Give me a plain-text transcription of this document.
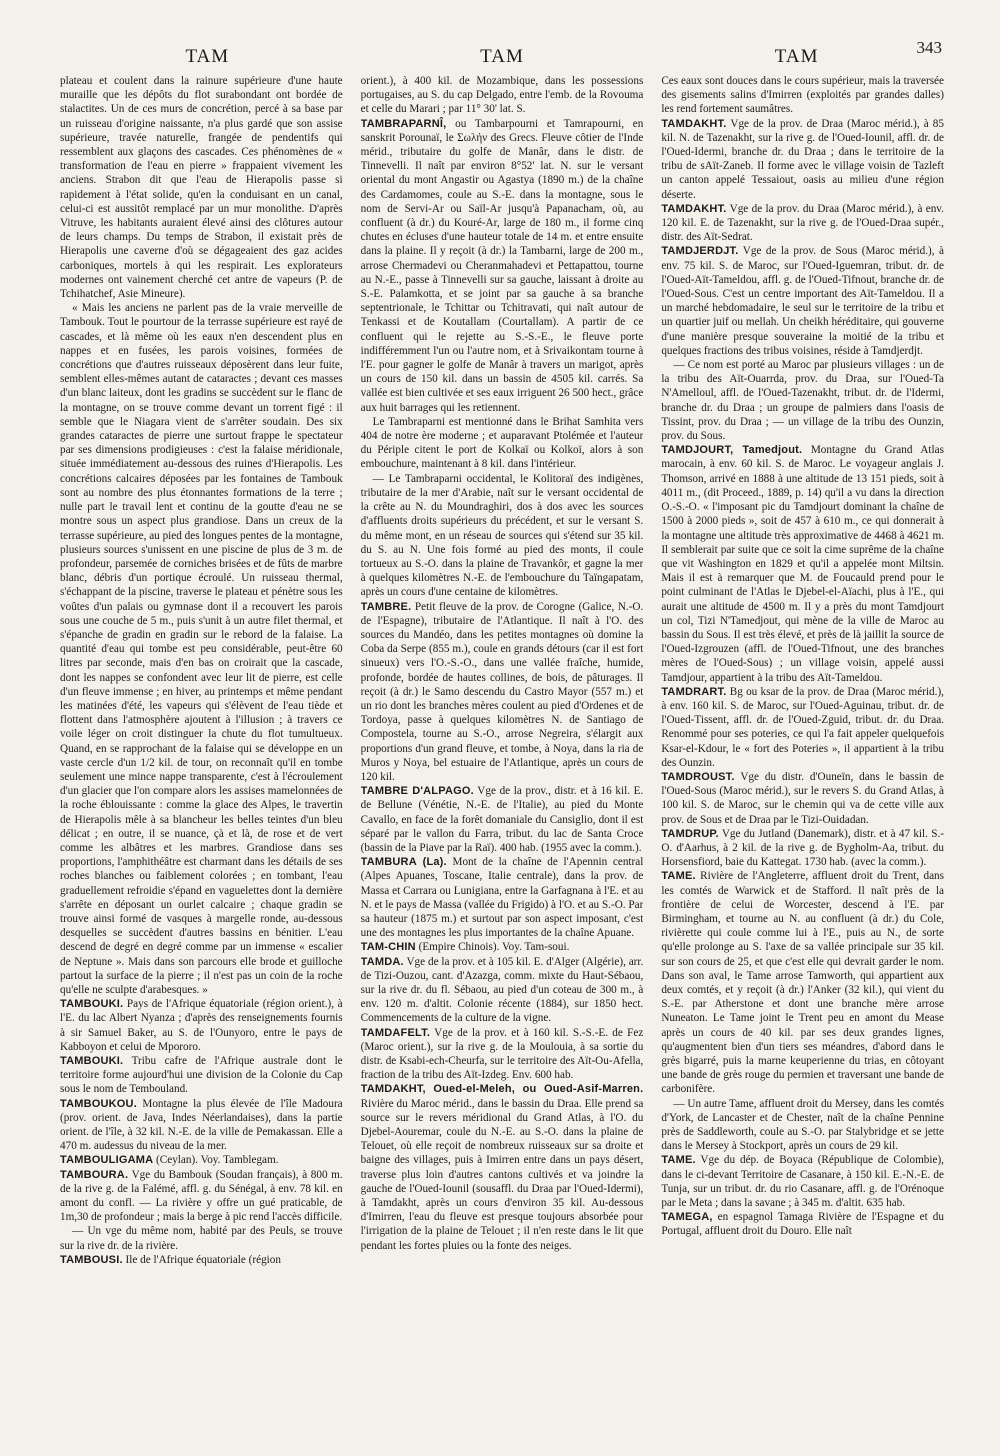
TAM	TAM	TAM	343

plateau et coulent dans la rainure supérieure d'une haute muraille que les dépôts du flot surabondant ont bordée de stalactites. Un de ces murs de concrétion, percé à sa base par un ruisseau d'origine naissante, n'a plus gardé que son assise supérieure, travée naturelle, frangée de pendentifs qui ressemblent aux glaçons des cascades. Ces phénomènes de « transformation de l'eau en pierre » frappaient vivement les anciens. Strabon dit que l'eau de Hierapolis passe si rapidement à l'état solide, qu'en la conduisant en un canal, celui-ci est aussitôt remplacé par un mur monolithe. D'après Vitruve, les habitants auraient élevé ainsi des clôtures autour de leurs champs. Du temps de Strabon, il existait près de Hierapolis une caverne d'où se dégageaient des gaz acides carboniques, mortels à qui les respirait. Les explorateurs modernes ont vainement cherché cet antre de vapeurs (P. de Tchihatchef, Asie Mineure).

« Mais les anciens ne parlent pas de la vraie merveille de Tambouk. Tout le pourtour de la terrasse supérieure est rayé de cascades, et là même où les eaux n'en descendent plus en nappes et en fusées, les parois voisines, formées de concrétions que d'autres ruisseaux déposèrent dans leur fuite, semblent elles-mêmes autant de cataractes ; devant ces masses d'un blanc laiteux, dont les gradins se succèdent sur le flanc de la montagne, on se trouve comme devant un torrent figé : il semble que le Niagara vient de s'arrêter soudain. Des six grandes cataractes de pierre une surtout frappe le spectateur par ses dimensions prodigieuses : c'est la falaise méridionale, située immédiatement au-dessous des ruines d'Hierapolis. Les concrétions calcaires déposées par les fontaines de Tambouk sont au nombre des plus étonnantes formations de la terre ; nulle part le travail lent et continu de la goutte d'eau ne se montre sous un aspect plus grandiose. Dans un creux de la terrasse supérieure, au pied des longues pentes de la montagne, plusieurs sources s'unissent en une piscine de plus de 3 m. de profondeur, parsemée de corniches brisées et de fûts de marbre blanc, débris d'un portique écroulé. Un ruisseau thermal, s'échappant de la piscine, traverse le plateau et pénètre sous les voûtes d'un palais ou gymnase dont il a recouvert les parois sous une couche de 5 m., puis s'unit à un autre filet thermal, et s'épanche de gradin en gradin sur le rebord de la falaise. La quantité d'eau qui tombe est peu considérable, peut-être 60 litres par seconde, mais d'en bas on croirait que la cascade, dont les nappes se confondent avec leur lit de pierre, est celle d'un fleuve immense ; en hiver, au printemps et même pendant les matinées d'été, les vapeurs qui s'élèvent de l'eau tiède et flottent dans l'atmosphère ajoutent à l'illusion ; à travers ce voile léger on croit distinguer la chute du flot tumultueux. Quand, en se rapprochant de la falaise qui se développe en un vaste cercle d'un 1/2 kil. de tour, on reconnaît qu'il en tombe seulement une mince nappe transparente, c'est à l'écroulement d'un glacier que l'on compare alors les assises mamelonnées de la roche éblouissante : comme la glace des Alpes, le travertin de Hierapolis mêle à sa blancheur les belles teintes d'un bleu délicat ; en outre, il se nuance, çà et là, de rose et de vert comme les albâtres et les marbres. Grandiose dans ses proportions, l'amphithéâtre est charmant dans les détails de ses roches blanches ou faiblement colorées ; en tombant, l'eau graduellement refroidie s'épand en vaguelettes dont la dernière s'arrête en déposant un ourlet calcaire ; chaque gradin se trouve ainsi formé de vasques à margelle ronde, au-dessous desquelles se succèdent d'autres bassins en bénitier. L'eau descend de degré en degré comme par un immense « escalier de Neptune ». Mais dans son parcours elle brode et guilloche partout la surface de la pierre ; il n'est pas un coin de la roche qu'elle ne sculpte d'arabesques. »

TAMBOUKI. Pays de l'Afrique équatoriale (région orient.), à l'E. du lac Albert Nyanza ; d'après des renseignements fournis à sir Samuel Baker, au S. de l'Ounyoro, entre le pays de Kabboyon et celui de Mpororo.

TAMBOUKI. Tribu cafre de l'Afrique australe dont le territoire forme aujourd'hui une division de la Colonie du Cap sous le nom de Tembouland.

TAMBOUKOU. Montagne la plus élevée de l'île Madoura (prov. orient. de Java, Indes Néerlandaises), dans la partie orient. de l'île, à 32 kil. N.-E. de la ville de Pemakassan. Elle a 470 m. audessus du niveau de la mer.

TAMBOULIGAMA (Ceylan). Voy. Tamblegam.

TAMBOURA. Vge du Bambouk (Soudan français), à 800 m. de la rive g. de la Falémé, affl. g. du Sénégal, à env. 78 kil. en amont du confl. — La rivière y offre un gué praticable, de 1m,30 de profondeur ; mais la berge à pic rend l'accès difficile.

— Un vge du même nom, habité par des Peuls, se trouve sur la rive dr. de la rivière.

TAMBOUSI. Ile de l'Afrique équatoriale (région

orient.), à 400 kil. de Mozambique, dans les possessions portugaises, au S. du cap Delgado, entre l'emb. de la Rovouma et celle du Marari ; par 11° 30' lat. S.

TAMBRAPARNÎ, ou Tambarpourni et Tamrapourni, en sanskrit Porounaï, le Σωλήν des Grecs. Fleuve côtier de l'Inde mérid., tributaire du golfe de Manâr, dans le distr. de Tinnevelli. Il naît par environ 8°52' lat. N. sur le versant oriental du mont Angastir ou Agastya (1890 m.) de la chaîne des Cardamomes, coule au S.-E. dans la montagne, sous le nom de Servi-Ar ou Saïl-Ar jusqu'à Papanacham, où, au confluent (à dr.) du Kouré-Ar, large de 180 m., il forme cinq chutes en écluses d'une hauteur totale de 14 m. et entre ensuite dans la plaine. Il y reçoit (à dr.) la Tambarni, large de 200 m., arrose Chermadevi ou Cheranmahadevi et Pettapattou, tourne au N.-E., passe à Tinnevelli sur sa gauche, laissant à droite au S.-E. Palamkotta, et se joint par sa gauche à sa branche septentrionale, le Tchittar ou Tchitravati, qui naît autour de Tenkassi et de Koutallam (Courtallam). A partir de ce confluent qui le rejette au S.-S.-E., le fleuve porte indifféremment l'un ou l'autre nom, et à Srivaikontam tourne à l'E. pour gagner le golfe de Manâr à travers un marigot, après un cours de 150 kil. dans un bassin de 4505 kil. carrés. Sa vallée est bien cultivée et ses eaux irriguent 26 500 hect., grâce aux huit barrages qui les retiennent.

Le Tambraparni est mentionné dans le Brihat Samhita vers 404 de notre ère moderne ; et auparavant Ptolémée et l'auteur du Périple citent le port de Kolkaï ou Kolkoï, alors à son embouchure, maintenant à 8 kil. dans l'intérieur.

— Le Tambraparni occidental, le Kolitoraï des indigènes, tributaire de la mer d'Arabie, naît sur le versant occidental de la crête au N. du Moundraghiri, dos à dos avec les sources d'affluents droits supérieurs du précédent, et sur le versant S. du même mont, en un réseau de sources qui s'étend sur 35 kil. du S. au N. Une fois formé au pied des monts, il coule tortueux au S.-O. dans la plaine de Travankôr, et gagne la mer à quelques kilomètres N.-E. de l'embouchure du Taïngapatam, après un cours d'une centaine de kilomètres.

TAMBRE. Petit fleuve de la prov. de Corogne (Galice, N.-O. de l'Espagne), tributaire de l'Atlantique. Il naît à l'O. des sources du Mandéo, dans les petites montagnes où domine la Coba da Serpe (855 m.), coule en grands détours (car il est fort sinueux) vers l'O.-S.-O., dans une vallée fraîche, humide, profonde, bordée de hautes collines, de bois, de pâturages. Il reçoit (à dr.) le Samo descendu du Castro Mayor (557 m.) et un rio dont les branches mères coulent au pied d'Ordenes et de Tordoya, passe à quelques kilomètres N. de Santiago de Compostela, tourne au S.-O., arrose Negreira, s'élargit aux proportions d'un grand fleuve, et tombe, à Noya, dans la ria de Muros y Noya, bel estuaire de l'Atlantique, après un cours de 120 kil.

TAMBRE D'ALPAGO. Vge de la prov., distr. et à 16 kil. E. de Bellune (Vénétie, N.-E. de l'Italie), au pied du Monte Cavallo, en face de la forêt domaniale du Cansiglio, dont il est séparé par le vallon du Farra, tribut. du lac de Santa Croce (bassin de la Piave par la Raï). 400 hab. (1955 avec la comm.).

TAMBURA (La). Mont de la chaîne de l'Apennin central (Alpes Apuanes, Toscane, Italie centrale), dans la prov. de Massa et Carrara ou Lunigiana, entre la Garfagnana à l'E. et au N. et le pays de Massa (vallée du Frigido) à l'O. et au S.-O. Par sa hauteur (1875 m.) et surtout par son aspect imposant, c'est une des montagnes les plus importantes de la chaîne Apuane.

TAM-CHIN (Empire Chinois). Voy. Tam-soui.

TAMDA. Vge de la prov. et à 105 kil. E. d'Alger (Algérie), arr. de Tizi-Ouzou, cant. d'Azazga, comm. mixte du Haut-Sébaou, sur la rive dr. du fl. Sébaou, au pied d'un coteau de 300 m., à env. 120 m. d'altit. Colonie récente (1884), sur 1850 hect. Commencements de la culture de la vigne.

TAMDAFELT. Vge de la prov. et à 160 kil. S.-S.-E. de Fez (Maroc orient.), sur la rive g. de la Moulouia, à sa sortie du distr. de Ksabi-ech-Cheurfa, sur le territoire des Aït-Ou-Afella, fraction de la tribu des Aït-Izdeg. Env. 600 hab.

TAMDAKHT, Oued-el-Meleh, ou Oued-Asif-Marren. Rivière du Maroc mérid., dans le bassin du Draa. Elle prend sa source sur le revers méridional du Grand Atlas, à l'O. du Djebel-Aouremar, coule du N.-E. au S.-O. dans la plaine de Telouet, où elle reçoit de nombreux ruisseaux sur sa droite et baigne des villages, puis à Imirren entre dans un pays désert, traverse plus loin d'autres cantons cultivés et va joindre la gauche de l'Oued-Iounil (sousaffl. du Draa par l'Oued-Idermi), à Tamdakht, après un cours d'environ 35 kil. Au-dessous d'Imirren, l'eau du fleuve est presque toujours absorbée pour l'irrigation de la plaine de Telouet ; il n'en reste dans le lit que pendant les fortes pluies ou la fonte des neiges.

Ces eaux sont douces dans le cours supérieur, mais la traversée des gisements salins d'Imirren (exploités par grandes dalles) les rend fortement saumâtres.

TAMDAKHT. Vge de la prov. de Draa (Maroc mérid.), à 85 kil. N. de Tazenakht, sur la rive g. de l'Oued-Iounil, affl. dr. de l'Oued-Idermi, branche dr. du Draa ; dans le territoire de la tribu de sAït-Zaneb. Il forme avec le village voisin de Tazleft un canton appelé Tessaiout, oasis au milieu d'une région déserte.

TAMDAKHT. Vge de la prov. du Draa (Maroc mérid.), à env. 120 kil. E. de Tazenakht, sur la rive g. de l'Oued-Draa supér., distr. des Aït-Sedrat.

TAMDJERDJT. Vge de la prov. de Sous (Maroc mérid.), à env. 75 kil. S. de Maroc, sur l'Oued-Iguemran, tribut. dr. de l'Oued-Aït-Tameldou, affl. g. de l'Oued-Tifnout, branche dr. de l'Oued-Sous. C'est un centre important des Aït-Tameldou. Il a un marché hebdomadaire, le seul sur le territoire de la tribu et un quartier juif ou mellah. Un cheikh héréditaire, qui gouverne d'une manière presque souveraine la moitié de la tribu et quelques fractions des tribus voisines, réside à Tamdjerdjt.

— Ce nom est porté au Maroc par plusieurs villages : un de la tribu des Aït-Ouarrda, prov. du Draa, sur l'Oued-Ta N'Amelloul, affl. de l'Oued-Tazenakht, tribut. dr. de l'Idermi, branche dr. du Draa ; un groupe de palmiers dans l'oasis de Tissint, prov. du Draa ; — un village de la tribu des Ounzin, prov. du Sous.

TAMDJOURT, Tamedjout. Montagne du Grand Atlas marocain, à env. 60 kil. S. de Maroc. Le voyageur anglais J. Thomson, arrivé en 1888 à une altitude de 13 151 pieds, soit à 4011 m., (dit Proceed., 1889, p. 14) qu'il a vu dans la direction O.-S.-O. « l'imposant pic du Tamdjourt dominant la chaîne de 1500 à 2000 pieds », soit de 457 à 610 m., ce qui donnerait à la montagne une altitude très approximative de 4468 à 4621 m. Il semblerait par suite que ce soit la cime suprême de la chaîne que vit Washington en 1829 et qu'il a appelée mont Miltsin. Mais il est à remarquer que M. de Foucauld prend pour le point culminant de l'Atlas le Djebel-el-Aïachi, plus à l'E., qui aurait une altitude de 4500 m. Il y a près du mont Tamdjourt un col, Tizi N'Tamedjout, qui mène de la ville de Maroc au bassin du Sous. Il est très élevé, et près de là jaillit la source de l'Oued-Izgrouzen (affl. de l'Oued-Tifnout, une des branches mères de l'Oued-Sous) ; un village voisin, appelé aussi Tamdjour, appartient à la tribu des Aït-Tameldou.

TAMDRART. Bg ou ksar de la prov. de Draa (Maroc mérid.), à env. 160 kil. S. de Maroc, sur l'Oued-Aguinau, tribut. dr. de l'Oued-Tissent, affl. dr. de l'Oued-Zguid, tribut. dr. du Draa. Renommé pour ses poteries, ce qui l'a fait appeler quelquefois Ksar-el-Kdour, le « fort des Poteries », il appartient à la tribu des Ounzin.

TAMDROUST. Vge du distr. d'Ouneïn, dans le bassin de l'Oued-Sous (Maroc mérid.), sur le revers S. du Grand Atlas, à 100 kil. S. de Maroc, sur le chemin qui va de cette ville aux prov. de Sous et de Draa par le Tizi-Ouidadan.

TAMDRUP. Vge du Jutland (Danemark), distr. et à 47 kil. S.-O. d'Aarhus, à 2 kil. de la rive g. de Bygholm-Aa, tribut. du Horsensfiord, baie du Kattegat. 1730 hab. (avec la comm.).

TAME. Rivière de l'Angleterre, affluent droit du Trent, dans les comtés de Warwick et de Stafford. Il naît près de la frontière de celui de Worcester, descend à l'E. par Birmingham, et tourne au N. au confluent (à dr.) du Cole, rivièrette qui coule comme lui à l'E., puis au N., de sorte qu'elle prolonge au S. l'axe de sa vallée principale sur 35 kil. sur son cours de 25, et que c'est elle qui devrait garder le nom. Dans son aval, le Tame arrose Tamworth, qui appartient aux deux comtés, et y reçoit (à dr.) l'Anker (32 kil.), qui vient du S.-E. par Atherstone et dont une branche mère arrose Nuneaton. Le Tame joint le Trent peu en amont du Mease après un cours de 40 kil. par ses deux grandes lignes, qu'augmentent bien d'un tiers ses méandres, d'abord dans le grès bigarré, puis la marne keuperienne du trias, en côtoyant une bande de grès rouge du permien et traversant une bande de carbonifère.

— Un autre Tame, affluent droit du Mersey, dans les comtés d'York, de Lancaster et de Chester, naît de la chaîne Pennine près de Saddleworth, coule au S.-O. par Stalybridge et se jette dans le Mersey à Stockport, après un cours de 29 kil.

TAME. Vge du dép. de Boyaca (République de Colombie), dans le ci-devant Territoire de Casanare, à 150 kil. E.-N.-E. de Tunja, sur un tribut. dr. du rio Casanare, affl. g. de l'Orénoque par le Meta ; dans la savane ; à 345 m. d'altit. 635 hab.

TAMEGA, en espagnol Tamaga Rivière de l'Espagne et du Portugal, affluent droit du Douro. Elle naît
